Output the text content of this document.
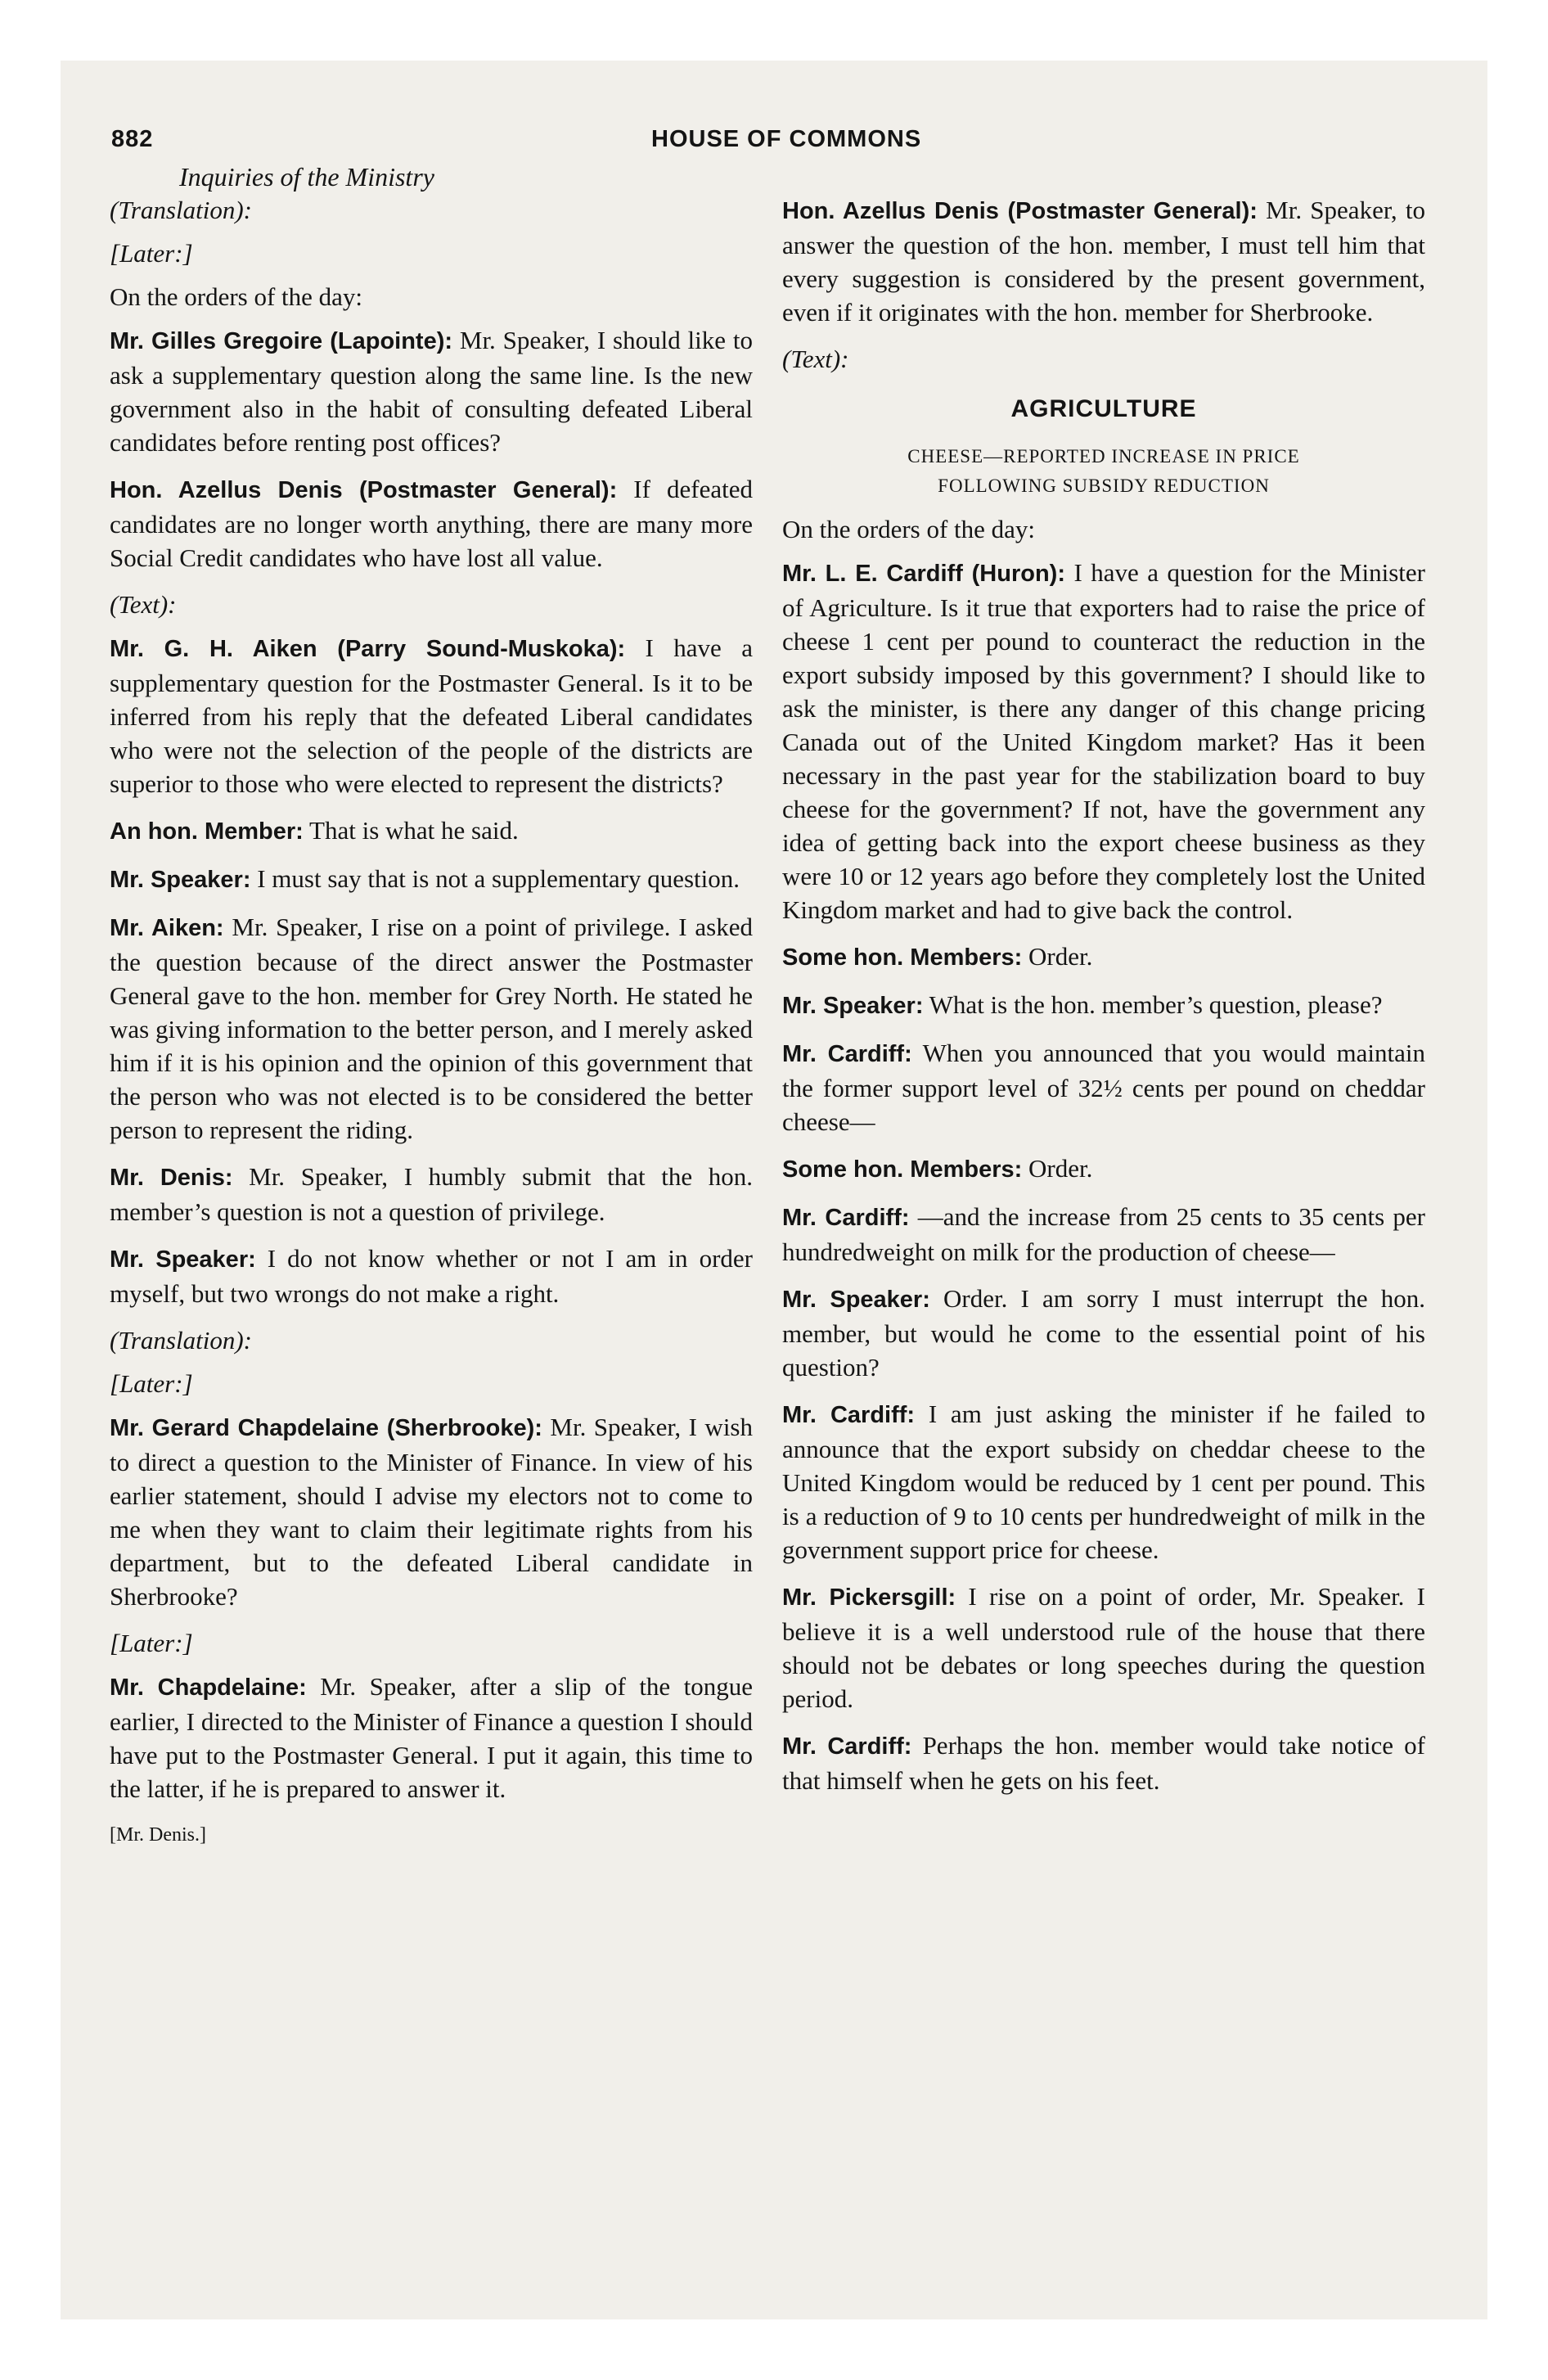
882	HOUSE OF COMMONS
Inquiries of the Ministry

(Translation):

[Later:]

On the orders of the day:

Mr. Gilles Gregoire (Lapointe): Mr. Speaker, I should like to ask a supplementary question along the same line. Is the new government also in the habit of consulting defeated Liberal candidates before renting post offices?

Hon. Azellus Denis (Postmaster General): If defeated candidates are no longer worth anything, there are many more Social Credit candidates who have lost all value.

(Text):

Mr. G. H. Aiken (Parry Sound-Muskoka): I have a supplementary question for the Postmaster General. Is it to be inferred from his reply that the defeated Liberal candidates who were not the selection of the people of the districts are superior to those who were elected to represent the districts?

An hon. Member: That is what he said.

Mr. Speaker: I must say that is not a supplementary question.

Mr. Aiken: Mr. Speaker, I rise on a point of privilege. I asked the question because of the direct answer the Postmaster General gave to the hon. member for Grey North. He stated he was giving information to the better person, and I merely asked him if it is his opinion and the opinion of this government that the person who was not elected is to be considered the better person to represent the riding.

Mr. Denis: Mr. Speaker, I humbly submit that the hon. member’s question is not a question of privilege.

Mr. Speaker: I do not know whether or not I am in order myself, but two wrongs do not make a right.

(Translation):

[Later:]

Mr. Gerard Chapdelaine (Sherbrooke): Mr. Speaker, I wish to direct a question to the Minister of Finance. In view of his earlier statement, should I advise my electors not to come to me when they want to claim their legitimate rights from his department, but to the defeated Liberal candidate in Sherbrooke?

[Later:]

Mr. Chapdelaine: Mr. Speaker, after a slip of the tongue earlier, I directed to the Minister of Finance a question I should have put to the Postmaster General. I put it again, this time to the latter, if he is prepared to answer it.

[Mr. Denis.]

Hon. Azellus Denis (Postmaster General): Mr. Speaker, to answer the question of the hon. member, I must tell him that every suggestion is considered by the present government, even if it originates with the hon. member for Sherbrooke.

(Text):

AGRICULTURE
CHEESE—REPORTED INCREASE IN PRICE
FOLLOWING SUBSIDY REDUCTION

On the orders of the day:

Mr. L. E. Cardiff (Huron): I have a question for the Minister of Agriculture. Is it true that exporters had to raise the price of cheese 1 cent per pound to counteract the reduction in the export subsidy imposed by this government? I should like to ask the minister, is there any danger of this change pricing Canada out of the United Kingdom market? Has it been necessary in the past year for the stabilization board to buy cheese for the government? If not, have the government any idea of getting back into the export cheese business as they were 10 or 12 years ago before they completely lost the United Kingdom market and had to give back the control.

Some hon. Members: Order.

Mr. Speaker: What is the hon. member’s question, please?

Mr. Cardiff: When you announced that you would maintain the former support level of 32½ cents per pound on cheddar cheese—

Some hon. Members: Order.

Mr. Cardiff: —and the increase from 25 cents to 35 cents per hundredweight on milk for the production of cheese—

Mr. Speaker: Order. I am sorry I must interrupt the hon. member, but would he come to the essential point of his question?

Mr. Cardiff: I am just asking the minister if he failed to announce that the export subsidy on cheddar cheese to the United Kingdom would be reduced by 1 cent per pound. This is a reduction of 9 to 10 cents per hundredweight of milk in the government support price for cheese.

Mr. Pickersgill: I rise on a point of order, Mr. Speaker. I believe it is a well understood rule of the house that there should not be debates or long speeches during the question period.

Mr. Cardiff: Perhaps the hon. member would take notice of that himself when he gets on his feet.
